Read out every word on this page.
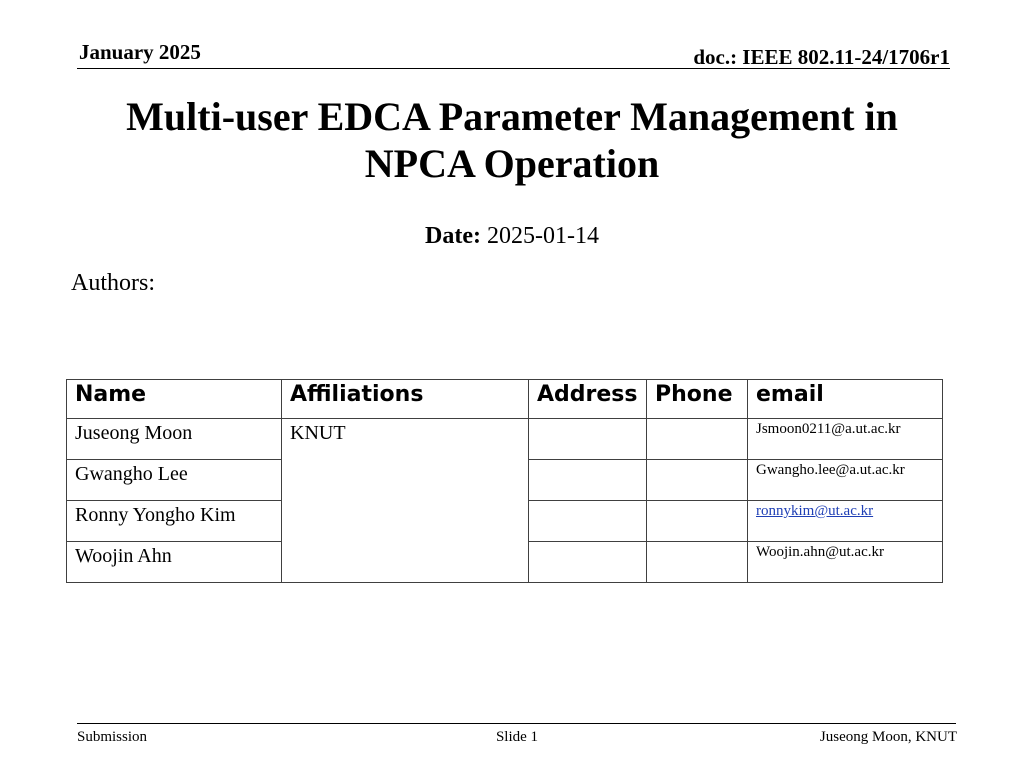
January 2025	doc.: IEEE 802.11-24/1706r1
Multi-user EDCA Parameter Management in
NPCA Operation
Date: 2025-01-14
Authors:
Name	Affiliations	Address	Phone	email
Juseong Moon	KNUT			Jsmoon0211@a.ut.ac.kr
Gwangho Lee				Gwangho.lee@a.ut.ac.kr
Ronny Yongho Kim				ronnykim@ut.ac.kr
Woojin Ahn				Woojin.ahn@ut.ac.kr
Submission	Slide 1	Juseong Moon, KNUT
